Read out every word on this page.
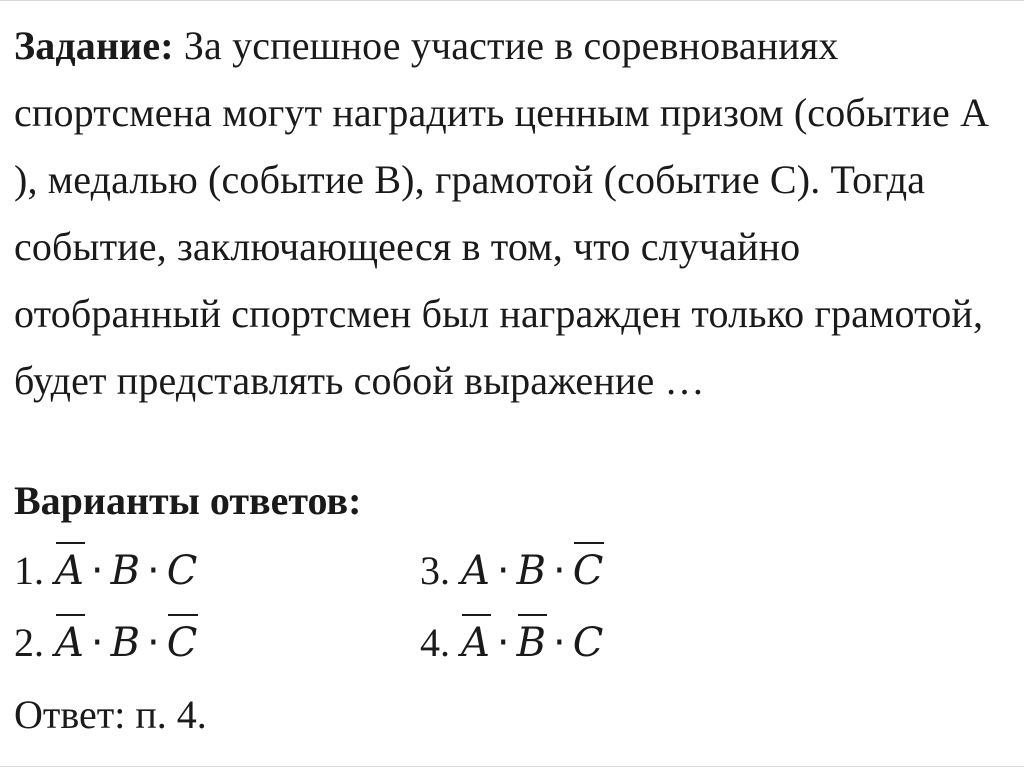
Задание: За успешное участие в соревнованиях спортсмена могут наградить ценным призом (событие А ), медалью (событие В), грамотой (событие С). Тогда событие, заключающееся в том, что случайно отобранный спортсмен был награжден только грамотой, будет представлять собой выражение …
Варианты ответов:
1. A · B · C	3. A · B · C
2. A · B · C	4. A · B · C
Ответ: п. 4.
